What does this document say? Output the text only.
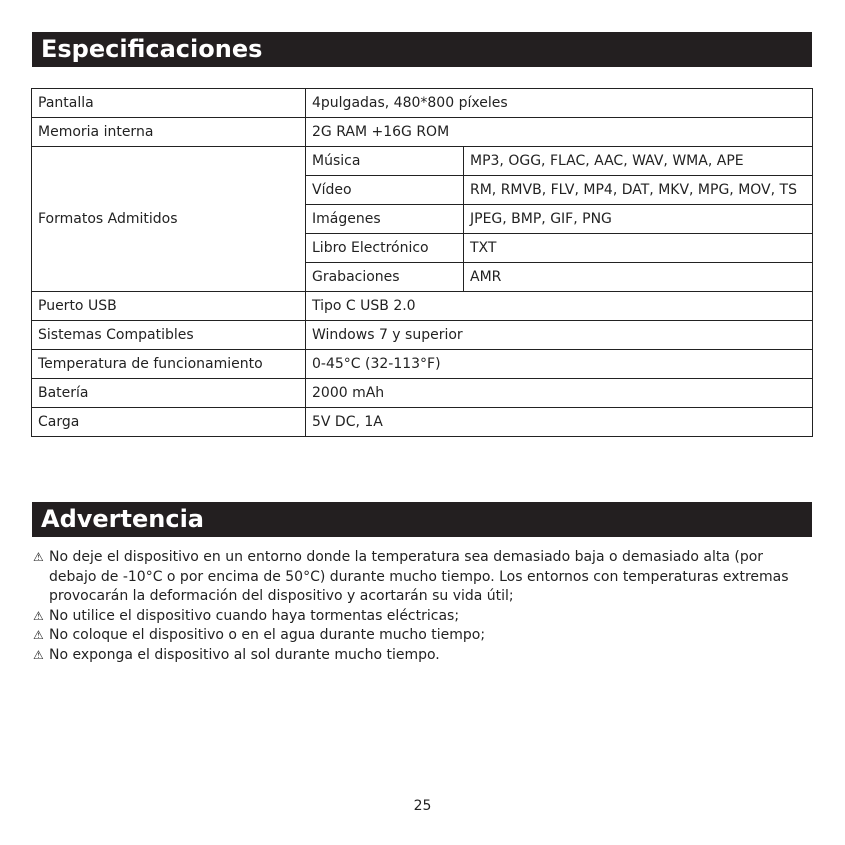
Especificaciones
Pantalla	4pulgadas, 480*800 píxeles	
Memoria interna	2G RAM +16G ROM	
Formatos Admitidos	Música	MP3, OGG, FLAC, AAC, WAV, WMA, APE
	Vídeo	RM, RMVB, FLV, MP4, DAT, MKV, MPG, MOV, TS
	Imágenes	JPEG, BMP, GIF, PNG
	Libro Electrónico	TXT
	Grabaciones	AMR
Puerto USB	Tipo C USB 2.0	
Sistemas Compatibles	Windows 7 y superior	
Temperatura de funcionamiento	0-45°C (32-113°F)	
Batería	2000 mAh	
Carga	5V DC, 1A	
Advertencia
⚠ No deje el dispositivo en un entorno donde la temperatura sea demasiado baja o demasiado alta (por debajo de -10°C o por encima de 50°C) durante mucho tiempo. Los entornos con temperaturas extremas provocarán la deformación del dispositivo y acortarán su vida útil;
⚠ No utilice el dispositivo cuando haya tormentas eléctricas;
⚠ No coloque el dispositivo o en el agua durante mucho tiempo;
⚠ No exponga el dispositivo al sol durante mucho tiempo.
25
